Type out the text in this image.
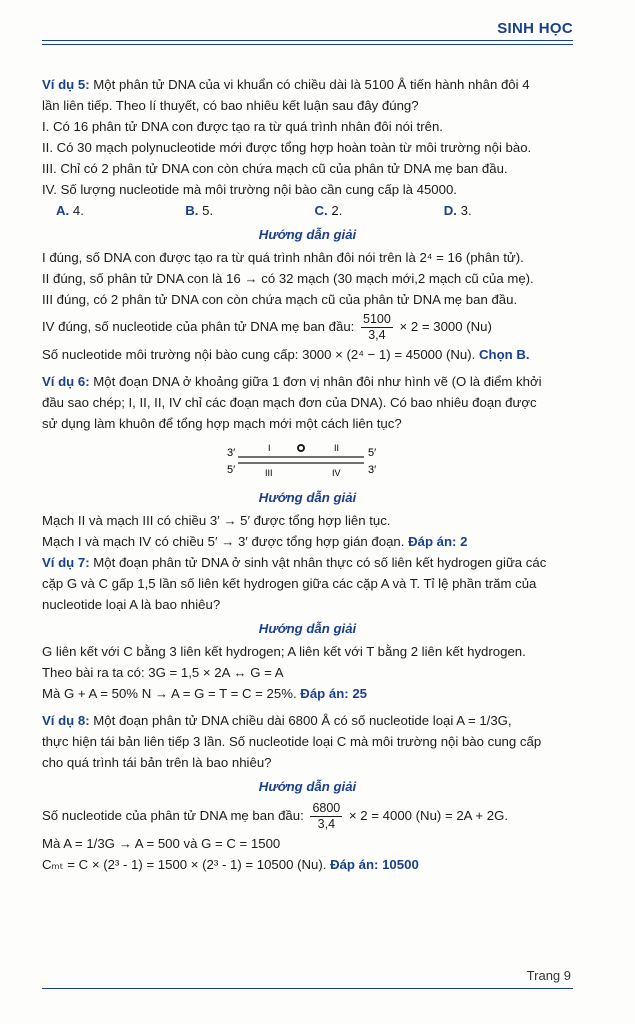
SINH HỌC
Ví dụ 5: Một phân tử DNA của vi khuẩn có chiều dài là 5100 Å tiến hành nhân đôi 4
lần liên tiếp. Theo lí thuyết, có bao nhiêu kết luận sau đây đúng?
I. Có 16 phân tử DNA con được tạo ra từ quá trình nhân đôi nói trên.
II. Có 30 mạch polynucleotide mới được tổng hợp hoàn toàn từ môi trường nội bào.
III. Chỉ có 2 phân tử DNA con còn chứa mạch cũ của phân tử DNA mẹ ban đầu.
IV. Số lượng nucleotide mà môi trường nội bào cần cung cấp là 45000.
A. 4.	B. 5.	C. 2.	D. 3.
Hướng dẫn giải
I đúng, số DNA con được tạo ra từ quá trình nhân đôi nói trên là 2⁴ = 16 (phân tử).
II đúng, số phân tử DNA con là 16 → có 32 mạch (30 mạch mới,2 mạch cũ của mẹ).
III đúng, có 2 phân tử DNA con còn chứa mạch cũ của phân tử DNA mẹ ban đầu.
IV đúng, số nucleotide của phân tử DNA mẹ ban đầu: $\frac{5100}{3,4} \times 2 = 3000$ (Nu)
Số nucleotide môi trường nội bào cung cấp: 3000 × (2⁴ − 1) = 45000 (Nu). Chọn B.
Ví dụ 6: Một đoạn DNA ở khoảng giữa 1 đơn vị nhân đôi như hình vẽ (O là điểm khởi
đầu sao chép; I, II, II, IV chỉ các đoạn mạch đơn của DNA). Có bao nhiêu đoạn được
sử dụng làm khuôn để tổng hợp mạch mới một cách liên tục?
3′	5′
5′	3′
I	II
III	IV
Hướng dẫn giải
Mạch II và mạch III có chiều 3′ → 5′ được tổng hợp liên tục.
Mạch I và mạch IV có chiều 5′ → 3′ được tổng hợp gián đoạn. Đáp án: 2
Ví dụ 7: Một đoạn phân tử DNA ở sinh vật nhân thực có số liên kết hydrogen giữa các
cặp G và C gấp 1,5 lần số liên kết hydrogen giữa các cặp A và T. Tỉ lệ phần trăm của
nucleotide loại A là bao nhiêu?
Hướng dẫn giải
G liên kết với C bằng 3 liên kết hydrogen; A liên kết với T bằng 2 liên kết hydrogen.
Theo bài ra ta có: 3G = 1,5 × 2A ↔ G = A
Mà G + A = 50% N → A = G = T = C = 25%. Đáp án: 25
Ví dụ 8: Một đoạn phân tử DNA chiều dài 6800 Å có số nucleotide loại A = 1/3G,
thực hiện tái bản liên tiếp 3 lần. Số nucleotide loại C mà môi trường nội bào cung cấp
cho quá trình tái bản trên là bao nhiêu?
Hướng dẫn giải
Số nucleotide của phân tử DNA mẹ ban đầu: $\frac{6800}{3,4} \times 2 = 4000$ (Nu) = 2A + 2G.
Mà A = 1/3G → A = 500 và G = C = 1500
Cₘₜ = C × (2³ - 1) = 1500 × (2³ - 1) = 10500 (Nu). Đáp án: 10500
Trang 9
